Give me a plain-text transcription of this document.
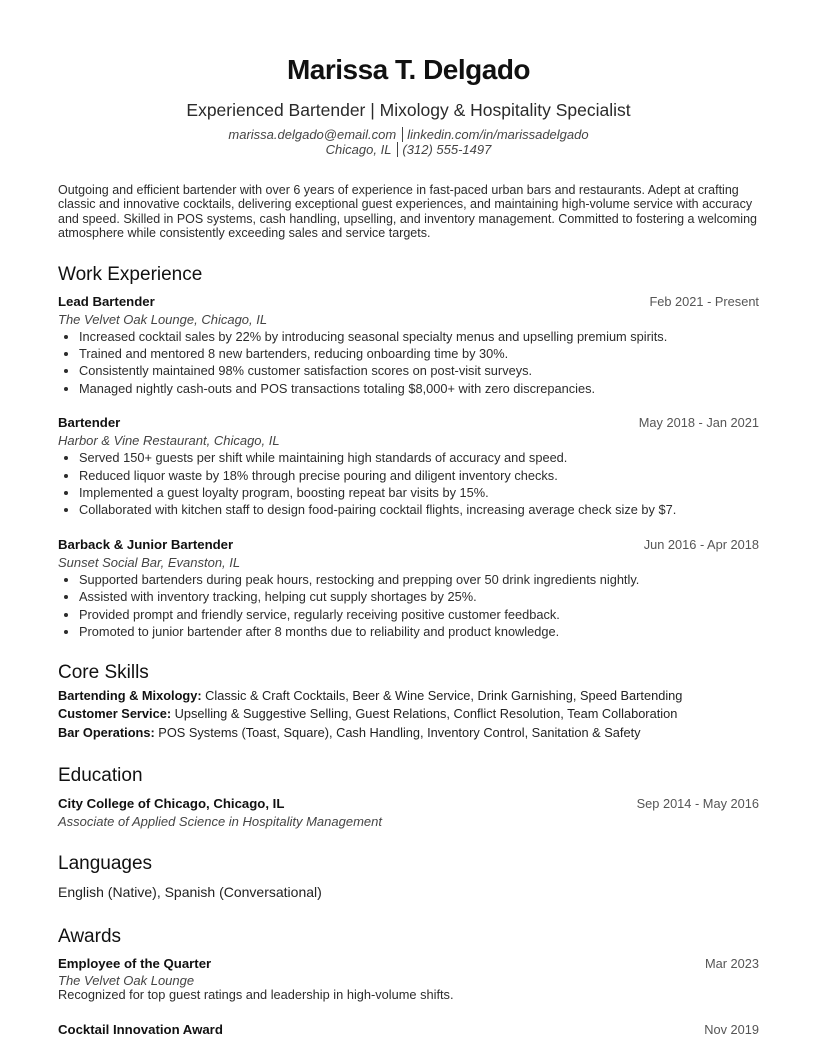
Marissa T. Delgado
Experienced Bartender | Mixology & Hospitality Specialist
marissa.delgado@email.com linkedin.com/in/marissadelgado
Chicago, IL (312) 555-1497
Outgoing and efficient bartender with over 6 years of experience in fast-paced urban bars and restaurants. Adept at crafting classic and innovative cocktails, delivering exceptional guest experiences, and maintaining high-volume service with accuracy and speed. Skilled in POS systems, cash handling, upselling, and inventory management. Committed to fostering a welcoming atmosphere while consistently exceeding sales and service targets.
Work Experience
Lead Bartender	Feb 2021 - Present
The Velvet Oak Lounge, Chicago, IL
• Increased cocktail sales by 22% by introducing seasonal specialty menus and upselling premium spirits.
• Trained and mentored 8 new bartenders, reducing onboarding time by 30%.
• Consistently maintained 98% customer satisfaction scores on post-visit surveys.
• Managed nightly cash-outs and POS transactions totaling $8,000+ with zero discrepancies.
Bartender	May 2018 - Jan 2021
Harbor & Vine Restaurant, Chicago, IL
• Served 150+ guests per shift while maintaining high standards of accuracy and speed.
• Reduced liquor waste by 18% through precise pouring and diligent inventory checks.
• Implemented a guest loyalty program, boosting repeat bar visits by 15%.
• Collaborated with kitchen staff to design food-pairing cocktail flights, increasing average check size by $7.
Barback & Junior Bartender	Jun 2016 - Apr 2018
Sunset Social Bar, Evanston, IL
• Supported bartenders during peak hours, restocking and prepping over 50 drink ingredients nightly.
• Assisted with inventory tracking, helping cut supply shortages by 25%.
• Provided prompt and friendly service, regularly receiving positive customer feedback.
• Promoted to junior bartender after 8 months due to reliability and product knowledge.
Core Skills
Bartending & Mixology: Classic & Craft Cocktails, Beer & Wine Service, Drink Garnishing, Speed Bartending
Customer Service: Upselling & Suggestive Selling, Guest Relations, Conflict Resolution, Team Collaboration
Bar Operations: POS Systems (Toast, Square), Cash Handling, Inventory Control, Sanitation & Safety
Education
City College of Chicago, Chicago, IL	Sep 2014 - May 2016
Associate of Applied Science in Hospitality Management
Languages
English (Native), Spanish (Conversational)
Awards
Employee of the Quarter	Mar 2023
The Velvet Oak Lounge
Recognized for top guest ratings and leadership in high-volume shifts.
Cocktail Innovation Award	Nov 2019
